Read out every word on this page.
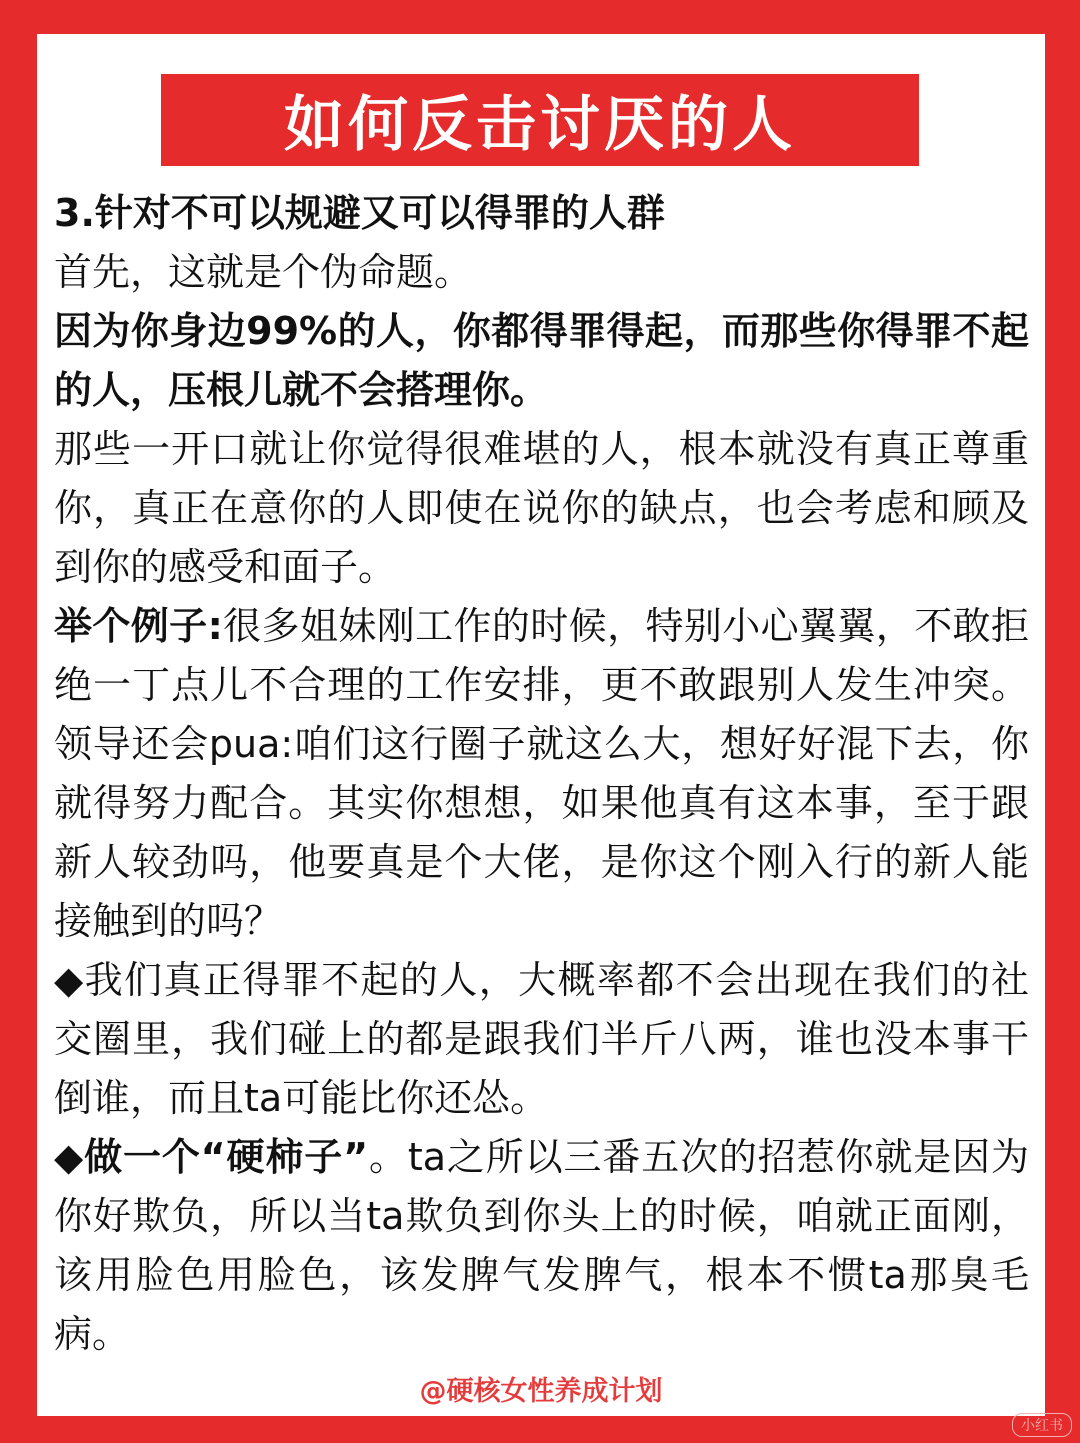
如何反击讨厌的人

3.针对不可以规避又可以得罪的人群

首先，这就是个伪命题。

因为你身边99%的人，你都得罪得起，而那些你得罪不起的人，压根儿就不会搭理你。

那些一开口就让你觉得很难堪的人，根本就没有真正尊重你，真正在意你的人即使在说你的缺点，也会考虑和顾及到你的感受和面子。

举个例子:很多姐妹刚工作的时候，特别小心翼翼，不敢拒绝一丁点儿不合理的工作安排，更不敢跟别人发生冲突。领导还会pua:咱们这行圈子就这么大，想好好混下去，你就得努力配合。其实你想想，如果他真有这本事，至于跟新人较劲吗，他要真是个大佬，是你这个刚入行的新人能接触到的吗？

◆我们真正得罪不起的人，大概率都不会出现在我们的社交圈里，我们碰上的都是跟我们半斤八两，谁也没本事干倒谁，而且ta可能比你还怂。

◆做一个“硬柿子”。ta之所以三番五次的招惹你就是因为你好欺负，所以当ta欺负到你头上的时候，咱就正面刚，该用脸色用脸色，该发脾气发脾气，根本不惯ta那臭毛病。

@硬核女性养成计划
小红书
